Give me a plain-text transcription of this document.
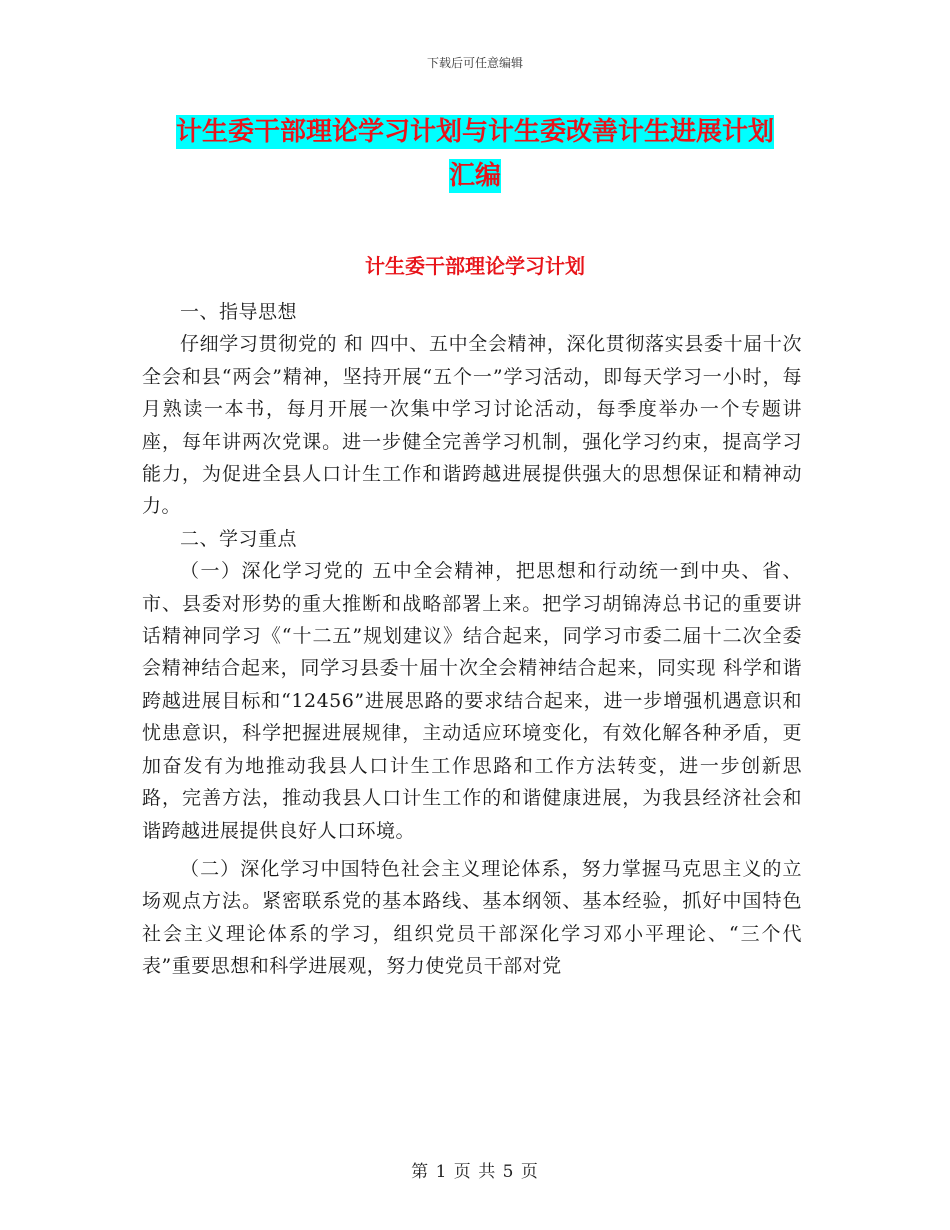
下载后可任意编辑
计生委干部理论学习计划与计生委改善计生进展计划
汇编
计生委干部理论学习计划

一、指导思想

仔细学习贯彻党的 和 四中、五中全会精神，深化贯彻落实县委十届十次全会和县“两会”精神，坚持开展“五个一”学习活动，即每天学习一小时，每月熟读一本书，每月开展一次集中学习讨论活动，每季度举办一个专题讲座，每年讲两次党课。进一步健全完善学习机制，强化学习约束，提高学习能力，为促进全县人口计生工作和谐跨越进展提供强大的思想保证和精神动力。

二、学习重点

（一）深化学习党的 五中全会精神，把思想和行动统一到中央、省、市、县委对形势的重大推断和战略部署上来。把学习胡锦涛总书记的重要讲话精神同学习《“十二五”规划建议》结合起来，同学习市委二届十二次全委会精神结合起来，同学习县委十届十次全会精神结合起来，同实现 科学和谐跨越进展目标和“12456”进展思路的要求结合起来，进一步增强机遇意识和忧患意识，科学把握进展规律，主动适应环境变化，有效化解各种矛盾，更加奋发有为地推动我县人口计生工作思路和工作方法转变，进一步创新思路，完善方法，推动我县人口计生工作的和谐健康进展，为我县经济社会和谐跨越进展提供良好人口环境。

（二）深化学习中国特色社会主义理论体系，努力掌握马克思主义的立场观点方法。紧密联系党的基本路线、基本纲领、基本经验，抓好中国特色社会主义理论体系的学习，组织党员干部深化学习邓小平理论、“三个代表”重要思想和科学进展观，努力使党员干部对党

第 1 页 共 5 页
